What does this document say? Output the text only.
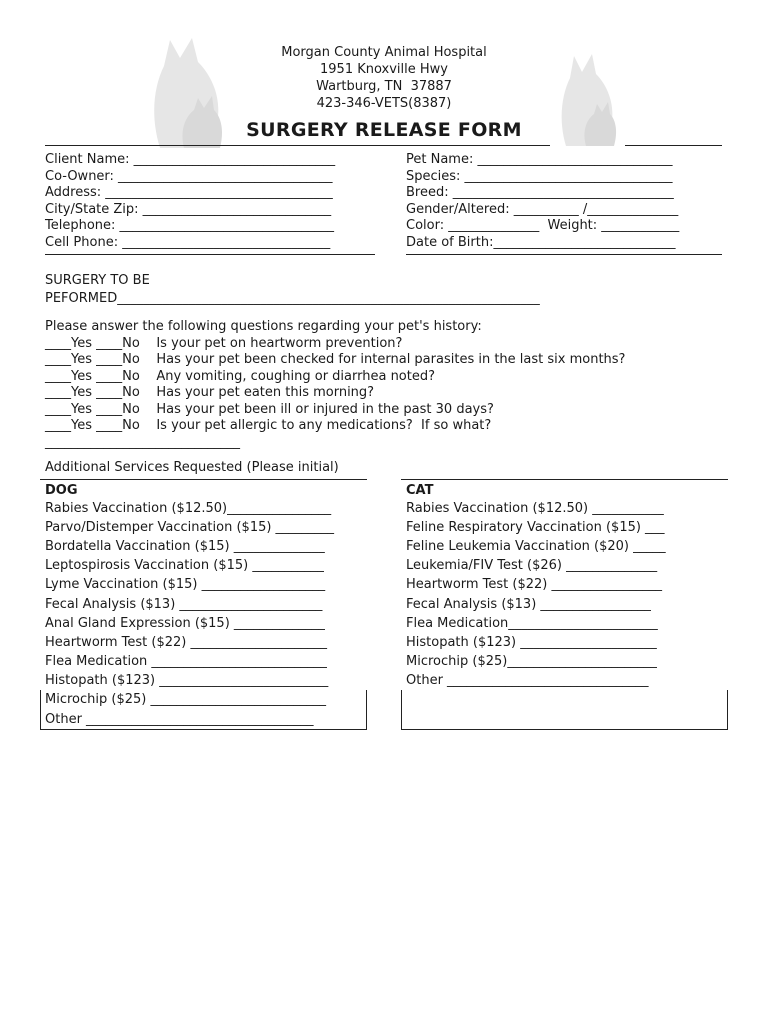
Morgan County Animal Hospital
1951 Knoxville Hwy
Wartburg, TN  37887
423-346-VETS(8387)
SURGERY RELEASE FORM
Client Name: _______________________________
Co-Owner: _________________________________
Address: ___________________________________
City/State Zip: _____________________________
Telephone: _________________________________
Cell Phone: ________________________________
Pet Name: ______________________________
Species: ________________________________
Breed: __________________________________
Gender/Altered: __________ /______________
Color: ______________  Weight: ____________
Date of Birth:____________________________
SURGERY TO BE
PEFORMED_________________________________________________________________
Please answer the following questions regarding your pet's history:
____Yes ____No    Is your pet on heartworm prevention?
____Yes ____No    Has your pet been checked for internal parasites in the last six months?
____Yes ____No    Any vomiting, coughing or diarrhea noted?
____Yes ____No    Has your pet eaten this morning?
____Yes ____No    Has your pet been ill or injured in the past 30 days?
____Yes ____No    Is your pet allergic to any medications?  If so what?
______________________________
Additional Services Requested (Please initial)
DOG	CAT
Rabies Vaccination ($12.50)________________
Parvo/Distemper Vaccination ($15) _________
Bordatella Vaccination ($15) ______________
Leptospirosis Vaccination ($15) ___________
Lyme Vaccination ($15) ___________________
Fecal Analysis ($13) ______________________
Anal Gland Expression ($15) ______________
Heartworm Test ($22) _____________________
Flea Medication ___________________________
Histopath ($123) __________________________
Microchip ($25) ___________________________
Other ___________________________________
Rabies Vaccination ($12.50) ___________
Feline Respiratory Vaccination ($15) ___
Feline Leukemia Vaccination ($20) _____
Leukemia/FIV Test ($26) ______________
Heartworm Test ($22) _________________
Fecal Analysis ($13) _________________
Flea Medication_______________________
Histopath ($123) _____________________
Microchip ($25)_______________________
Other _______________________________
